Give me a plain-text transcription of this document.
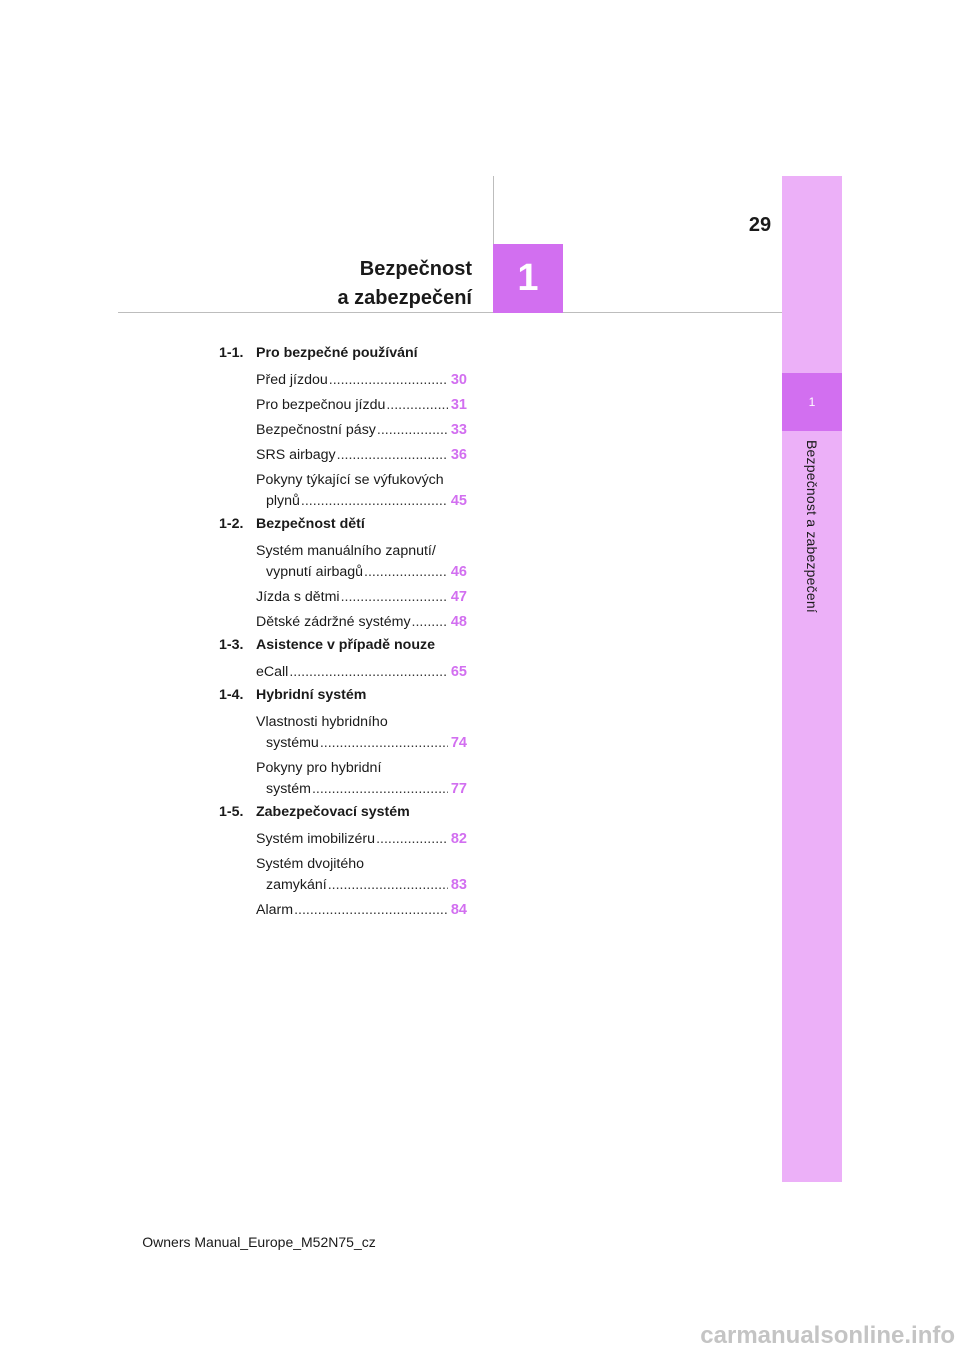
29
1
Bezpečnost a zabezpečení
Bezpečnost
a zabezpečení	1
1-1. Pro bezpečné používání
Před jízdou .....	30
Pro bezpečnou jízdu .....	31
Bezpečnostní pásy .....	33
SRS airbagy .....	36
Pokyny týkající se výfukových
plynů .....	45
1-2. Bezpečnost dětí
Systém manuálního zapnutí/
vypnutí airbagů .....	46
Jízda s dětmi .....	47
Dětské zádržné systémy .....	48
1-3. Asistence v případě nouze
eCall .....	65
1-4. Hybridní systém
Vlastnosti hybridního
systému .....	74
Pokyny pro hybridní
systém .....	77
1-5. Zabezpečovací systém
Systém imobilizéru .....	82
Systém dvojitého
zamykání .....	83
Alarm .....	84
Owners Manual_Europe_M52N75_cz
carmanualsonline.info
